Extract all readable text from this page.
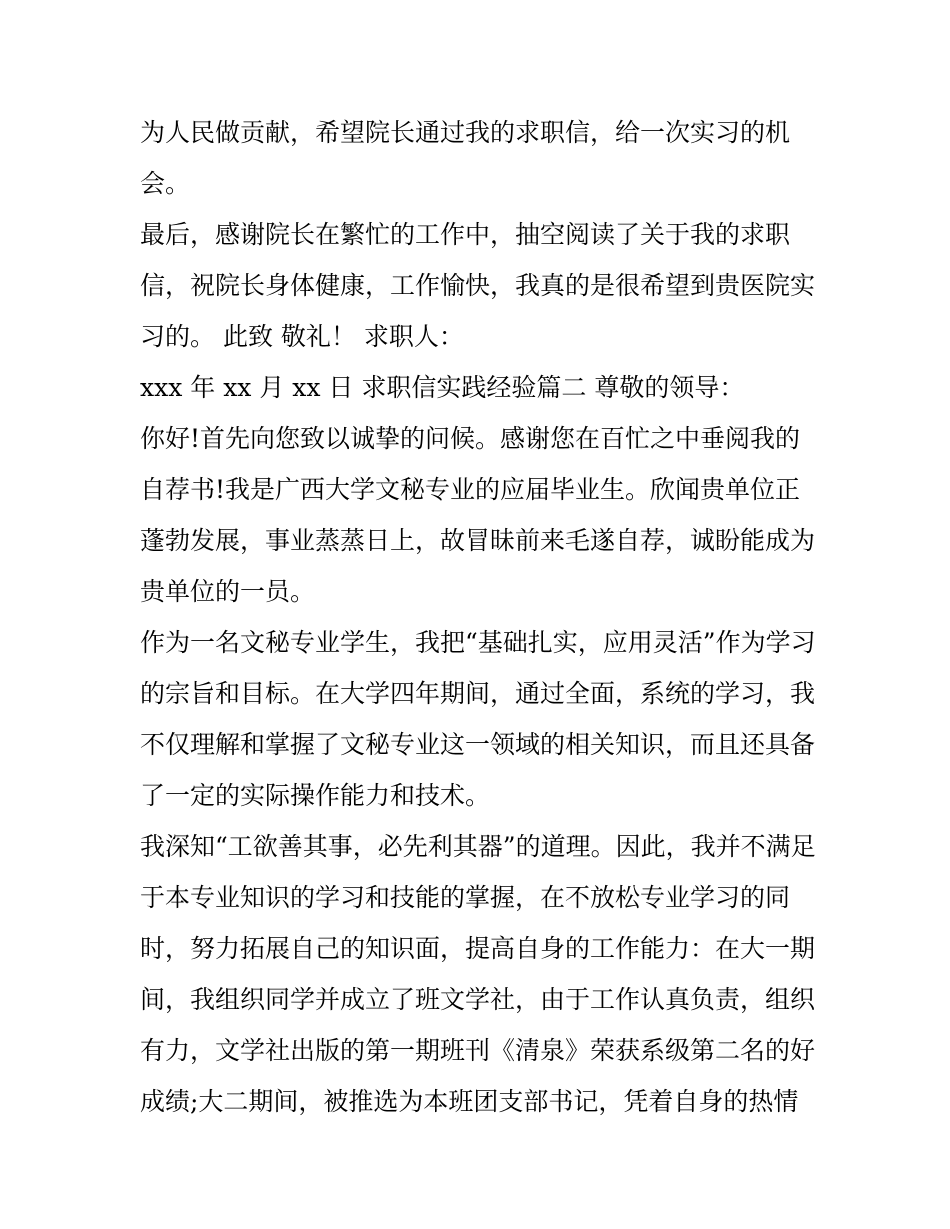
为人民做贡献，希望院长通过我的求职信，给一次实习的机
会。
最后，感谢院长在繁忙的工作中，抽空阅读了关于我的求职
信，祝院长身体健康，工作愉快，我真的是很希望到贵医院实
习的。 此致 敬礼！ 求职人：
xxx 年 xx 月 xx 日 求职信实践经验篇二 尊敬的领导：
你好!首先向您致以诚挚的问候。感谢您在百忙之中垂阅我的
自荐书!我是广西大学文秘专业的应届毕业生。欣闻贵单位正
蓬勃发展，事业蒸蒸日上，故冒昧前来毛遂自荐，诚盼能成为
贵单位的一员。
作为一名文秘专业学生，我把“基础扎实，应用灵活”作为学习
的宗旨和目标。在大学四年期间，通过全面，系统的学习，我
不仅理解和掌握了文秘专业这一领域的相关知识，而且还具备
了一定的实际操作能力和技术。
我深知“工欲善其事，必先利其器”的道理。因此，我并不满足
于本专业知识的学习和技能的掌握，在不放松专业学习的同
时，努力拓展自己的知识面，提高自身的工作能力：在大一期
间，我组织同学并成立了班文学社，由于工作认真负责，组织
有力，文学社出版的第一期班刊《清泉》荣获系级第二名的好
成绩;大二期间，被推选为本班团支部书记，凭着自身的热情
